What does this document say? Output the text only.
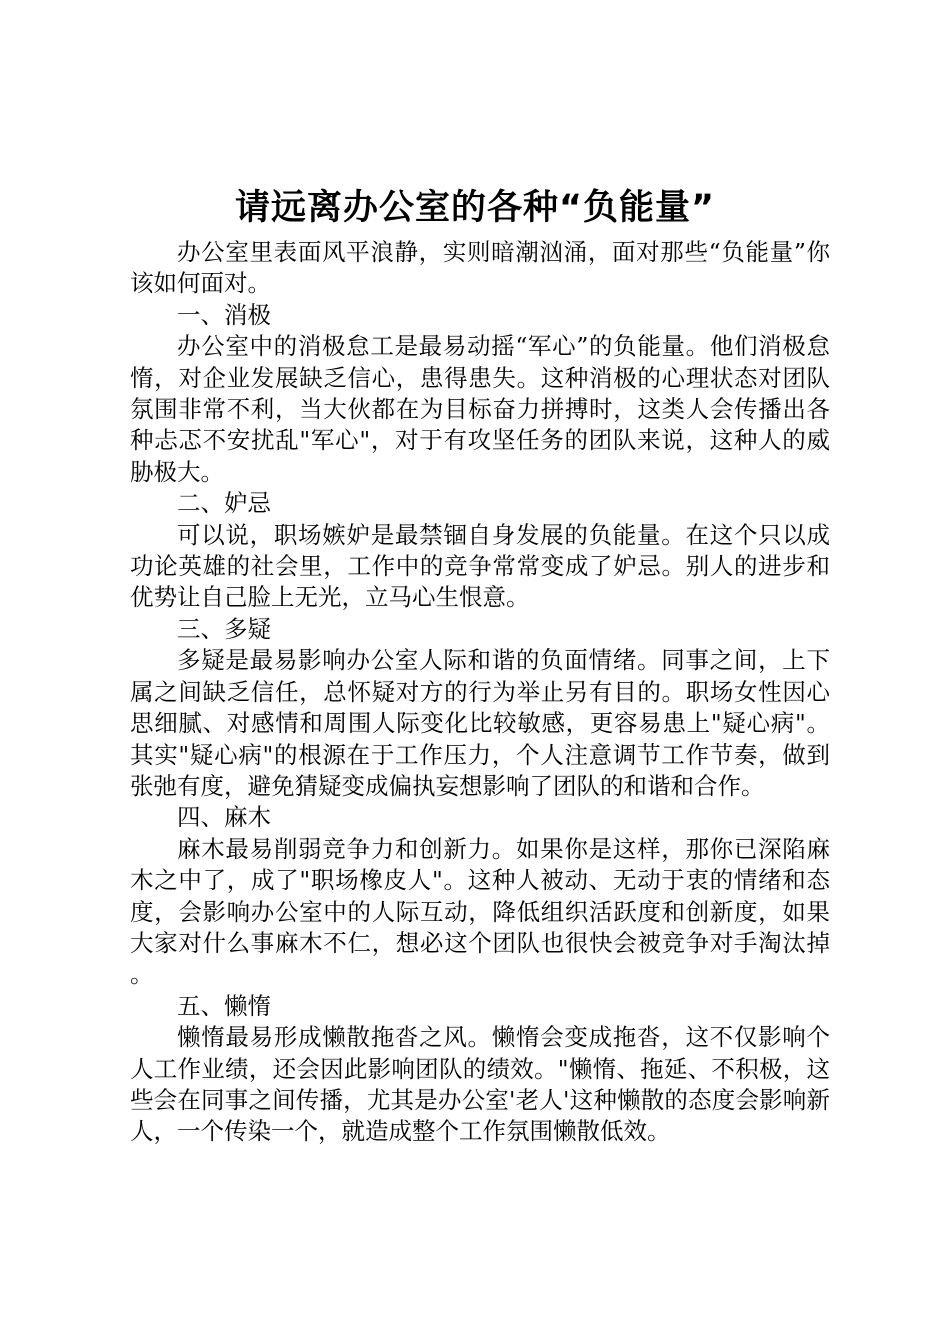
请远离办公室的各种“负能量”

办公室里表面风平浪静，实则暗潮汹涌，面对那些“负能量”你该如何面对。

一、消极

办公室中的消极怠工是最易动摇“军心”的负能量。他们消极怠惰，对企业发展缺乏信心，患得患失。这种消极的心理状态对团队氛围非常不利，当大伙都在为目标奋力拼搏时，这类人会传播出各种忐忑不安扰乱"军心"，对于有攻坚任务的团队来说，这种人的威胁极大。

二、妒忌

可以说，职场嫉妒是最禁锢自身发展的负能量。在这个只以成功论英雄的社会里，工作中的竞争常常变成了妒忌。别人的进步和优势让自己脸上无光，立马心生恨意。

三、多疑

多疑是最易影响办公室人际和谐的负面情绪。同事之间，上下属之间缺乏信任，总怀疑对方的行为举止另有目的。职场女性因心思细腻、对感情和周围人际变化比较敏感，更容易患上"疑心病"。其实"疑心病"的根源在于工作压力，个人注意调节工作节奏，做到张弛有度，避免猜疑变成偏执妄想影响了团队的和谐和合作。

四、麻木

麻木最易削弱竞争力和创新力。如果你是这样，那你已深陷麻木之中了，成了"职场橡皮人"。这种人被动、无动于衷的情绪和态度，会影响办公室中的人际互动，降低组织活跃度和创新度，如果大家对什么事麻木不仁，想必这个团队也很快会被竞争对手淘汰掉。

五、懒惰

懒惰最易形成懒散拖沓之风。懒惰会变成拖沓，这不仅影响个人工作业绩，还会因此影响团队的绩效。"懒惰、拖延、不积极，这些会在同事之间传播，尤其是办公室'老人'这种懒散的态度会影响新人，一个传染一个，就造成整个工作氛围懒散低效。
